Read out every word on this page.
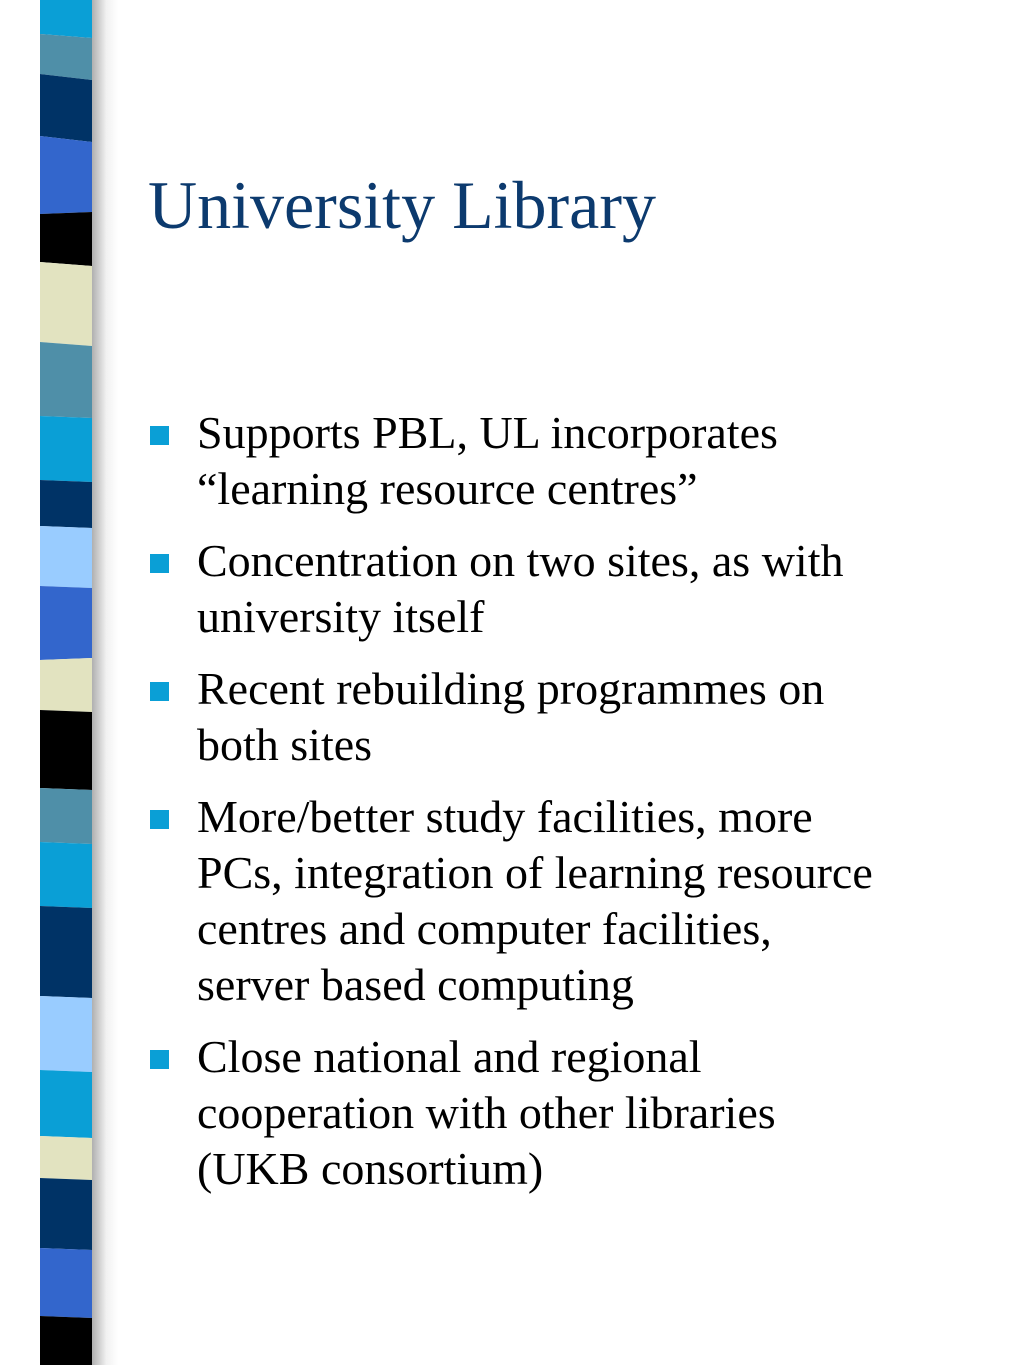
University Library
Supports PBL, UL incorporates
“learning resource centres”
Concentration on two sites, as with
university itself
Recent rebuilding programmes on
both sites
More/better study facilities, more
PCs, integration of learning resource
centres and computer facilities,
server based computing
Close national and regional
cooperation with other libraries
(UKB consortium)
